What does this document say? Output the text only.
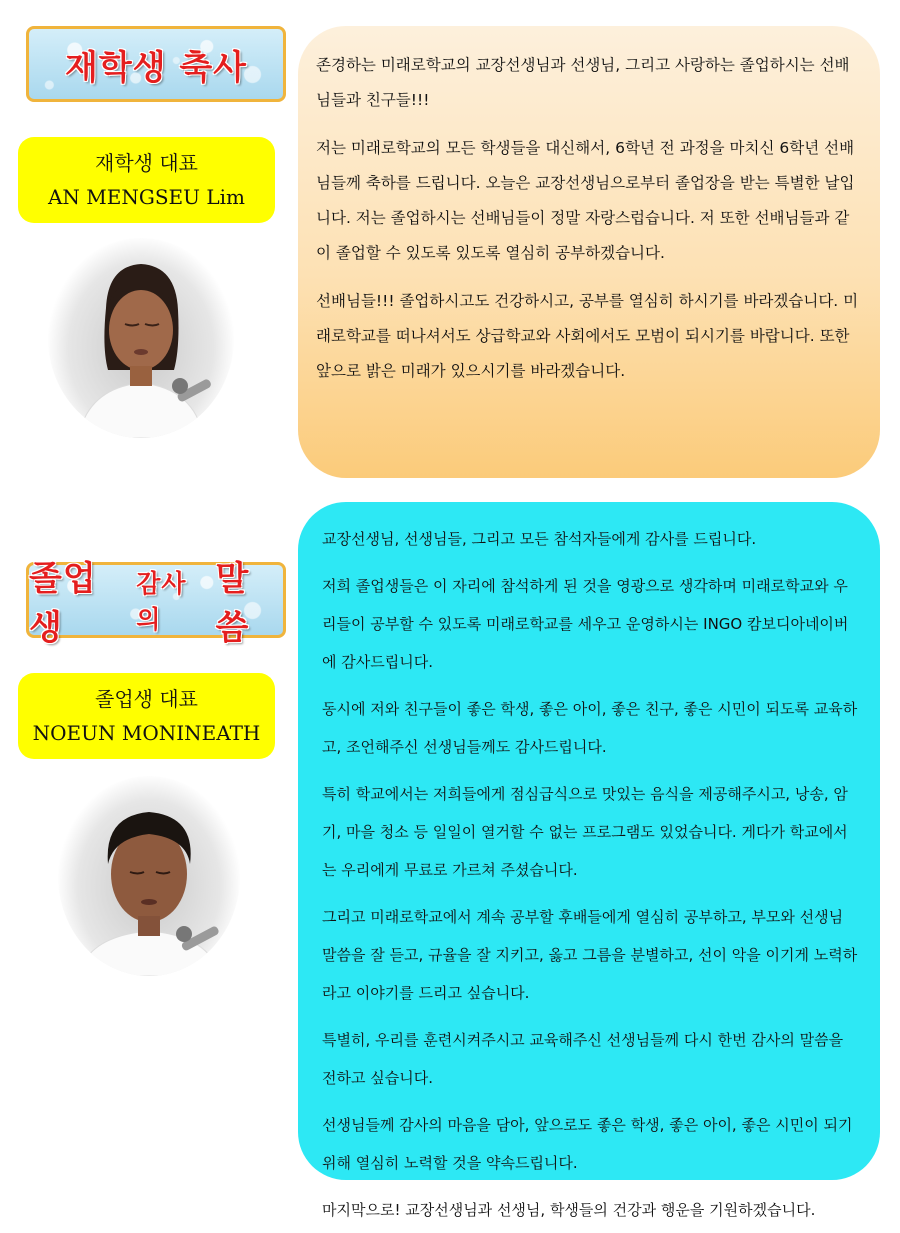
재학생 축사
재학생 대표
AN MENGSEU Lim

존경하는 미래로학교의 교장선생님과 선생님, 그리고 사랑하는 졸업하시는 선배님들과 친구들!!!

저는 미래로학교의 모든 학생들을 대신해서, 6학년 전 과정을 마치신 6학년 선배님들께 축하를 드립니다. 오늘은 교장선생님으로부터 졸업장을 받는 특별한 날입니다. 저는 졸업하시는 선배님들이 정말 자랑스럽습니다. 저 또한 선배님들과 같이 졸업할 수 있도록 있도록 열심히 공부하겠습니다.

선배님들!!! 졸업하시고도 건강하시고, 공부를 열심히 하시기를 바라겠습니다. 미래로학교를 떠나셔서도 상급학교와 사회에서도 모범이 되시기를 바랍니다. 또한 앞으로 밝은 미래가 있으시기를 바라겠습니다.

졸업생
감사의
말씀
졸업생 대표
NOEUN MONINEATH

교장선생님, 선생님들, 그리고 모든 참석자들에게 감사를 드립니다.

저희 졸업생들은 이 자리에 참석하게 된 것을 영광으로 생각하며 미래로학교와 우리들이 공부할 수 있도록 미래로학교를 세우고 운영하시는 INGO 캄보디아네이버에 감사드립니다.

동시에 저와 친구들이 좋은 학생, 좋은 아이, 좋은 친구, 좋은 시민이 되도록 교육하고, 조언해주신 선생님들께도 감사드립니다.

특히 학교에서는 저희들에게 점심급식으로 맛있는 음식을 제공해주시고, 낭송, 암기, 마을 청소 등 일일이 열거할 수 없는 프로그램도 있었습니다. 게다가 학교에서는 우리에게 무료로 가르쳐 주셨습니다.

그리고 미래로학교에서 계속 공부할 후배들에게 열심히 공부하고, 부모와 선생님 말씀을 잘 듣고, 규율을 잘 지키고, 옳고 그름을 분별하고, 선이 악을 이기게 노력하라고 이야기를 드리고 싶습니다.

특별히, 우리를 훈련시켜주시고 교육해주신 선생님들께 다시 한번 감사의 말씀을 전하고 싶습니다.

선생님들께 감사의 마음을 담아, 앞으로도 좋은 학생, 좋은 아이, 좋은 시민이 되기 위해 열심히 노력할 것을 약속드립니다.

마지막으로! 교장선생님과 선생님, 학생들의 건강과 행운을 기원하겠습니다.
